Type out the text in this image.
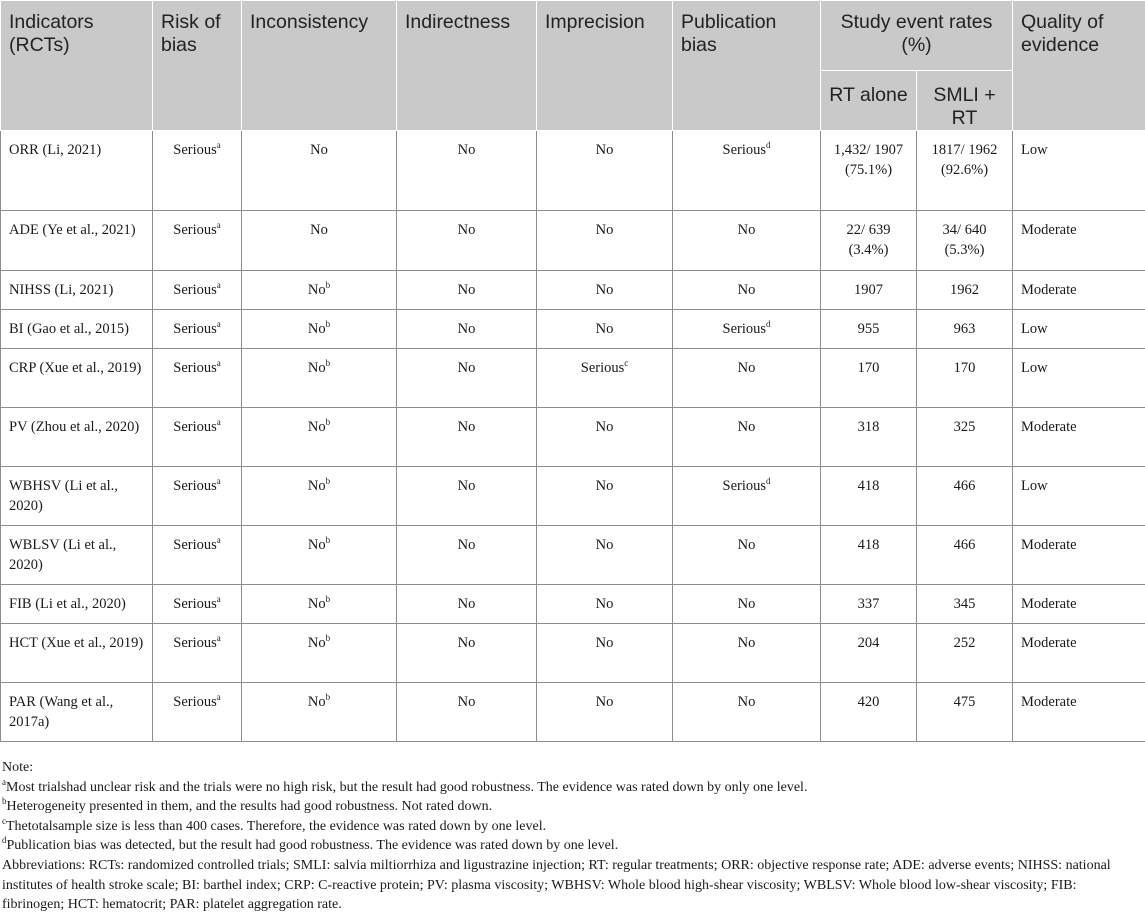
Indicators (RCTs)	Risk of bias	Inconsistency	Indirectness	Imprecision	Publication bias	Study event rates (%)		Quality of evidence
						RT alone	SMLI + RT	
ORR (Li, 2021)	Serious$^a$	No	No	No	Serious$^d$	1,432/ 1907 (75.1%)	1817/ 1962 (92.6%)	Low
ADE (Ye et al., 2021)	Serious$^a$	No	No	No	No	22/ 639 (3.4%)	34/ 640 (5.3%)	Moderate
NIHSS (Li, 2021)	Serious$^a$	No$^b$	No	No	No	1907	1962	Moderate
BI (Gao et al., 2015)	Serious$^a$	No$^b$	No	No	Serious$^d$	955	963	Low
CRP (Xue et al., 2019)	Serious$^a$	No$^b$	No	Serious$^c$	No	170	170	Low
PV (Zhou et al., 2020)	Serious$^a$	No$^b$	No	No	No	318	325	Moderate
WBHSV (Li et al., 2020)	Serious$^a$	No$^b$	No	No	Serious$^d$	418	466	Low
WBLSV (Li et al., 2020)	Serious$^a$	No$^b$	No	No	No	418	466	Moderate
FIB (Li et al., 2020)	Serious$^a$	No$^b$	No	No	No	337	345	Moderate
HCT (Xue et al., 2019)	Serious$^a$	No$^b$	No	No	No	204	252	Moderate
PAR (Wang et al., 2017a)	Serious$^a$	No$^b$	No	No	No	420	475	Moderate

Note:

$^a$Most trialshad unclear risk and the trials were no high risk, but the result had good robustness. The evidence was rated down by only one level.

$^b$Heterogeneity presented in them, and the results had good robustness. Not rated down.

$^c$Thetotalsample size is less than 400 cases. Therefore, the evidence was rated down by one level.

$^d$Publication bias was detected, but the result had good robustness. The evidence was rated down by one level.

Abbreviations: RCTs: randomized controlled trials; SMLI: salvia miltiorrhiza and ligustrazine injection; RT: regular treatments; ORR: objective response rate; ADE: adverse events; NIHSS: national institutes of health stroke scale; BI: barthel index; CRP: C-reactive protein; PV: plasma viscosity; WBHSV: Whole blood high-shear viscosity; WBLSV: Whole blood low-shear viscosity; FIB: fibrinogen; HCT: hematocrit; PAR: platelet aggregation rate.
